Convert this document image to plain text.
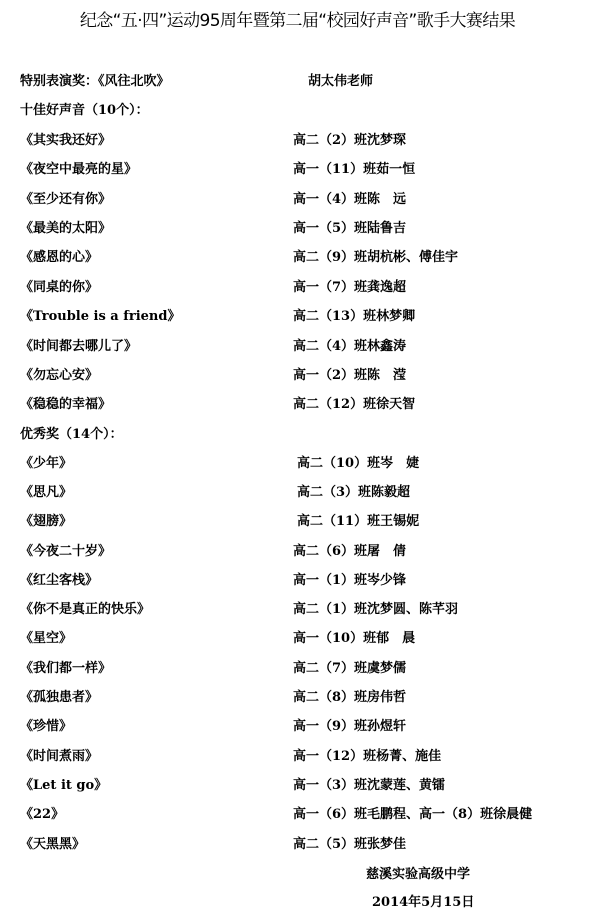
纪念“五·四”运动95周年暨第二届“校园好声音”歌手大赛结果
特别表演奖：《风往北吹》	胡太伟老师
十佳好声音（10个）：
《其实我还好》	高二（2）班沈梦琛
《夜空中最亮的星》	高一（11）班茹一恒
《至少还有你》	高一（4）班陈　远
《最美的太阳》	高一（5）班陆鲁吉
《感恩的心》	高二（9）班胡杭彬、傅佳宇
《同桌的你》	高一（7）班龚逸超
《Trouble is a friend》	高二（13）班林梦卿
《时间都去哪儿了》	高二（4）班林鑫涛
《勿忘心安》	高一（2）班陈　滢
《稳稳的幸福》	高二（12）班徐天智
优秀奖（14个）：
《少年》	高二（10）班岑　婕
《思凡》	高二（3）班陈毅超
《翅膀》	高二（11）班王锡妮
《今夜二十岁》	高二（6）班屠　倩
《红尘客栈》	高一（1）班岑少锋
《你不是真正的快乐》	高二（1）班沈梦圆、陈芊羽
《星空》	高一（10）班郁　晨
《我们都一样》	高二（7）班虞梦儒
《孤独患者》	高二（8）班房伟哲
《珍惜》	高一（9）班孙煜轩
《时间煮雨》	高一（12）班杨菁、施佳
《Let it go》	高一（3）班沈蒙莲、黄镭
《22》	高一（6）班毛鹏程、高一（8）班徐晨健
《天黑黑》	高二（5）班张梦佳
慈溪实验高级中学
2014年5月15日
